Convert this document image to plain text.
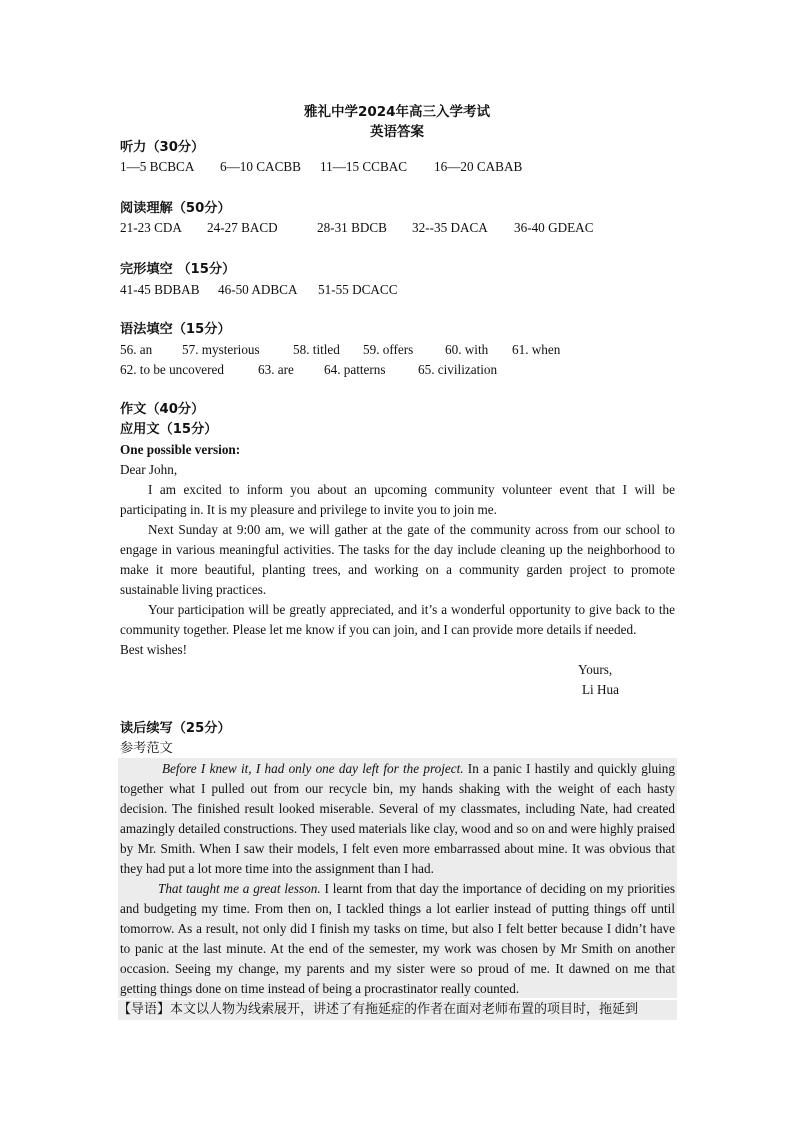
雅礼中学2024年高三入学考试
英语答案
听力（30分）
1—5 BCBCA 6—10 CACBB 11—15 CCBAC 16—20 CABAB
阅读理解（50分）
21-23 CDA 24-27 BACD	28-31 BDCB 32--35 DACA 36-40 GDEAC
完形填空 （15分）
41-45 BDBAB 46-50 ADBCA 51-55 DCACC
语法填空（15分）
56. an 57. mysterious	58. titled 59. offers 60. with 61. when
62. to be uncovered	63. are 64. patterns 65. civilization
作文（40分）
应用文（15分）
One possible version:
Dear John,

I am excited to inform you about an upcoming community volunteer event that I will be participating in. It is my pleasure and privilege to invite you to join me.

Next Sunday at 9:00 am, we will gather at the gate of the community across from our school to engage in various meaningful activities. The tasks for the day include cleaning up the neighborhood to make it more beautiful, planting trees, and working on a community garden project to promote sustainable living practices.

Your participation will be greatly appreciated, and it’s a wonderful opportunity to give back to the community together. Please let me know if you can join, and I can provide more details if needed.

Best wishes!
Yours,
Li Hua
读后续写（25分）
参考范文

Before I knew it, I had only one day left for the project. In a panic I hastily and quickly gluing together what I pulled out from our recycle bin, my hands shaking with the weight of each hasty decision. The finished result looked miserable. Several of my classmates, including Nate, had created amazingly detailed constructions. They used materials like clay, wood and so on and were highly praised by Mr. Smith. When I saw their models, I felt even more embarrassed about mine. It was obvious that they had put a lot more time into the assignment than I had.

That taught me a great lesson. I learnt from that day the importance of deciding on my priorities and budgeting my time. From then on, I tackled things a lot earlier instead of putting things off until tomorrow. As a result, not only did I finish my tasks on time, but also I felt better because I didn’t have to panic at the last minute. At the end of the semester, my work was chosen by Mr Smith on another occasion. Seeing my change, my parents and my sister were so proud of me. It dawned on me that getting things done on time instead of being a procrastinator really counted.

【导语】本文以人物为线索展开，讲述了有拖延症的作者在面对老师布置的项目时，拖延到
